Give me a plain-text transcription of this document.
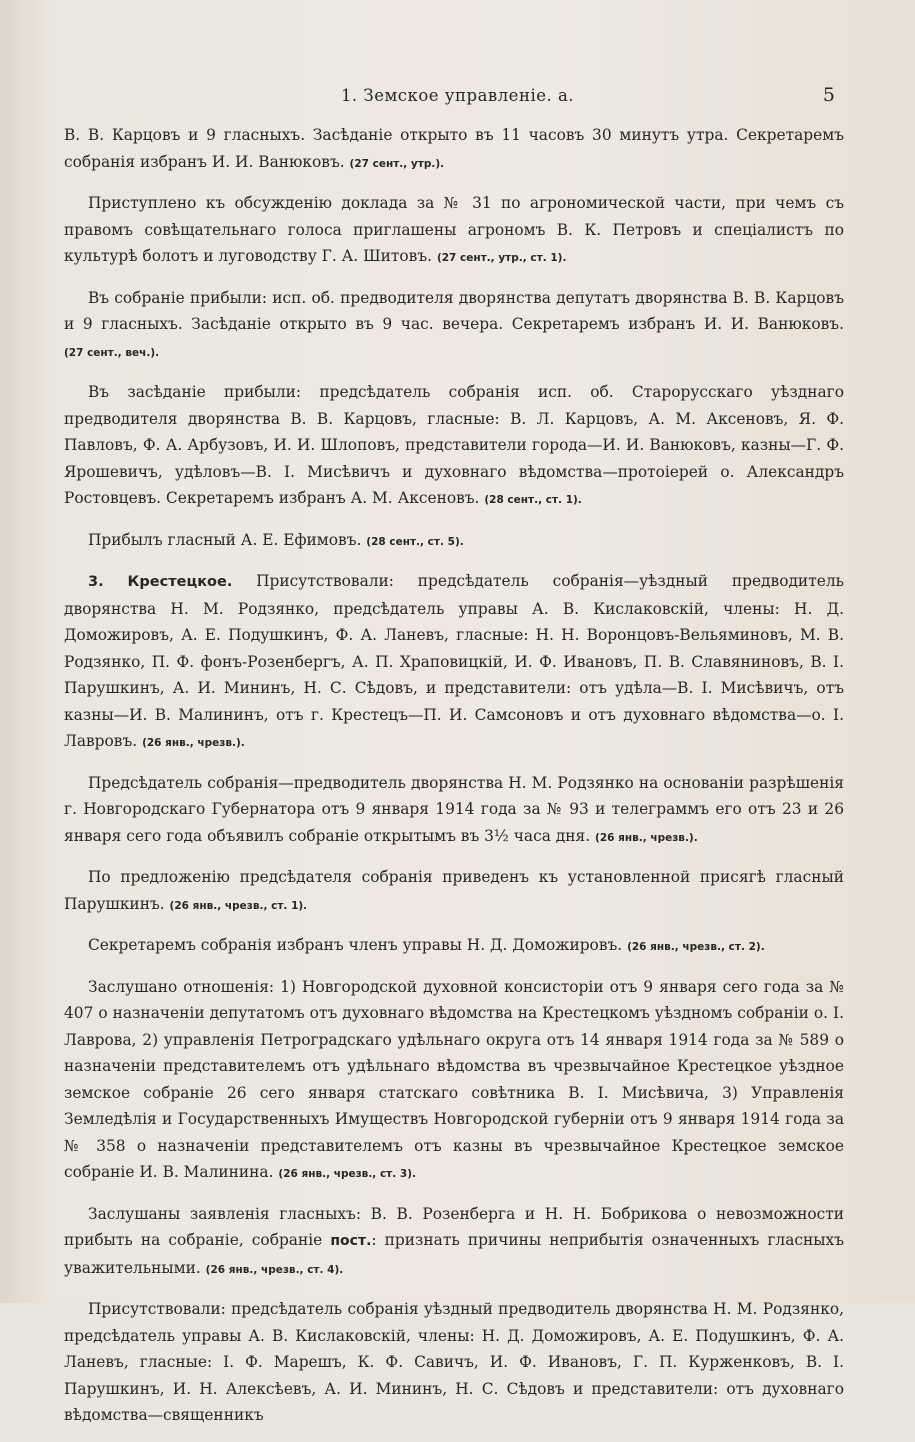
1. Земское управленіе. а.	5

В. В. Карцовъ и 9 гласныхъ. Засѣданіе открыто въ 11 часовъ 30 минутъ утра. Секретаремъ собранія избранъ И. И. Ванюковъ. (27 сент., утр.).

Приступлено къ обсужденію доклада за № 31 по агрономической части, при чемъ съ правомъ совѣщательнаго голоса приглашены агрономъ В. К. Петровъ и спеціалистъ по культурѣ болотъ и луговодству Г. А. Шитовъ. (27 сент., утр., ст. 1).

Въ собраніе прибыли: исп. об. предводителя дворянства депутатъ дворянства В. В. Карцовъ и 9 гласныхъ. Засѣданіе открыто въ 9 час. вечера. Секретаремъ избранъ И. И. Ванюковъ. (27 сент., веч.).

Въ засѣданіе прибыли: предсѣдатель собранія исп. об. Старорусскаго уѣзднаго предводителя дворянства В. В. Карцовъ, гласные: В. Л. Карцовъ, А. М. Аксеновъ, Я. Ф. Павловъ, Ф. А. Арбузовъ, И. И. Шлоповъ, представители города—И. И. Ванюковъ, казны—Г. Ф. Ярошевичъ, удѣловъ—В. І. Мисѣвичъ и духовнаго вѣдомства—протоіерей о. Александръ Ростовцевъ. Секретаремъ избранъ А. М. Аксеновъ. (28 сент., ст. 1).

Прибылъ гласный А. Е. Ефимовъ. (28 сент., ст. 5).

3. Крестецкое. Присутствовали: предсѣдатель собранія—уѣздный предводитель дворянства Н. М. Родзянко, предсѣдатель управы А. В. Кислаковскій, члены: Н. Д. Доможировъ, А. Е. Подушкинъ, Ф. А. Ланевъ, гласные: Н. Н. Воронцовъ-Вельяминовъ, М. В. Родзянко, П. Ф. фонъ-Розенбергъ, А. П. Храповицкій, И. Ф. Ивановъ, П. В. Славяниновъ, В. І. Парушкинъ, А. И. Мининъ, Н. С. Сѣдовъ, и представители: отъ удѣла—В. І. Мисѣвичъ, отъ казны—И. В. Малининъ, отъ г. Крестецъ—П. И. Самсоновъ и отъ духовнаго вѣдомства—о. І. Лавровъ. (26 янв., чрезв.).

Предсѣдатель собранія—предводитель дворянства Н. М. Родзянко на основаніи разрѣшенія г. Новгородскаго Губернатора отъ 9 января 1914 года за № 93 и телеграммъ его отъ 23 и 26 января сего года объявилъ собраніе открытымъ въ 3½ часа дня. (26 янв., чрезв.).

По предложенію предсѣдателя собранія приведенъ къ установленной присягѣ гласный Парушкинъ. (26 янв., чрезв., ст. 1).

Секретаремъ собранія избранъ членъ управы Н. Д. Доможировъ. (26 янв., чрезв., ст. 2).

Заслушано отношенія: 1) Новгородской духовной консисторіи отъ 9 января сего года за № 407 о назначеніи депутатомъ отъ духовнаго вѣдомства на Крестецкомъ уѣздномъ собраніи о. І. Лаврова, 2) управленія Петроградскаго удѣльнаго округа отъ 14 января 1914 года за № 589 о назначеніи представителемъ отъ удѣльнаго вѣдомства въ чрезвычайное Крестецкое уѣздное земское собраніе 26 сего января статскаго совѣтника В. І. Мисѣвича, 3) Управленія Земледѣлія и Государственныхъ Имуществъ Новгородской губерніи отъ 9 января 1914 года за № 358 о назначеніи представителемъ отъ казны въ чрезвычайное Крестецкое земское собраніе И. В. Малинина. (26 янв., чрезв., ст. 3).

Заслушаны заявленія гласныхъ: В. В. Розенберга и Н. Н. Бобрикова о невозможности прибыть на собраніе, собраніе пост.: признать причины неприбытія означенныхъ гласныхъ уважительными. (26 янв., чрезв., ст. 4).

Присутствовали: предсѣдатель собранія уѣздный предводитель дворянства Н. М. Родзянко, предсѣдатель управы А. В. Кислаковскій, члены: Н. Д. Доможировъ, А. Е. Подушкинъ, Ф. А. Ланевъ, гласные: І. Ф. Марешъ, К. Ф. Савичъ, И. Ф. Ивановъ, Г. П. Курженковъ, В. І. Парушкинъ, И. Н. Алексѣевъ, А. И. Мининъ, Н. С. Сѣдовъ и представители: отъ духовнаго вѣдомства—священникъ
